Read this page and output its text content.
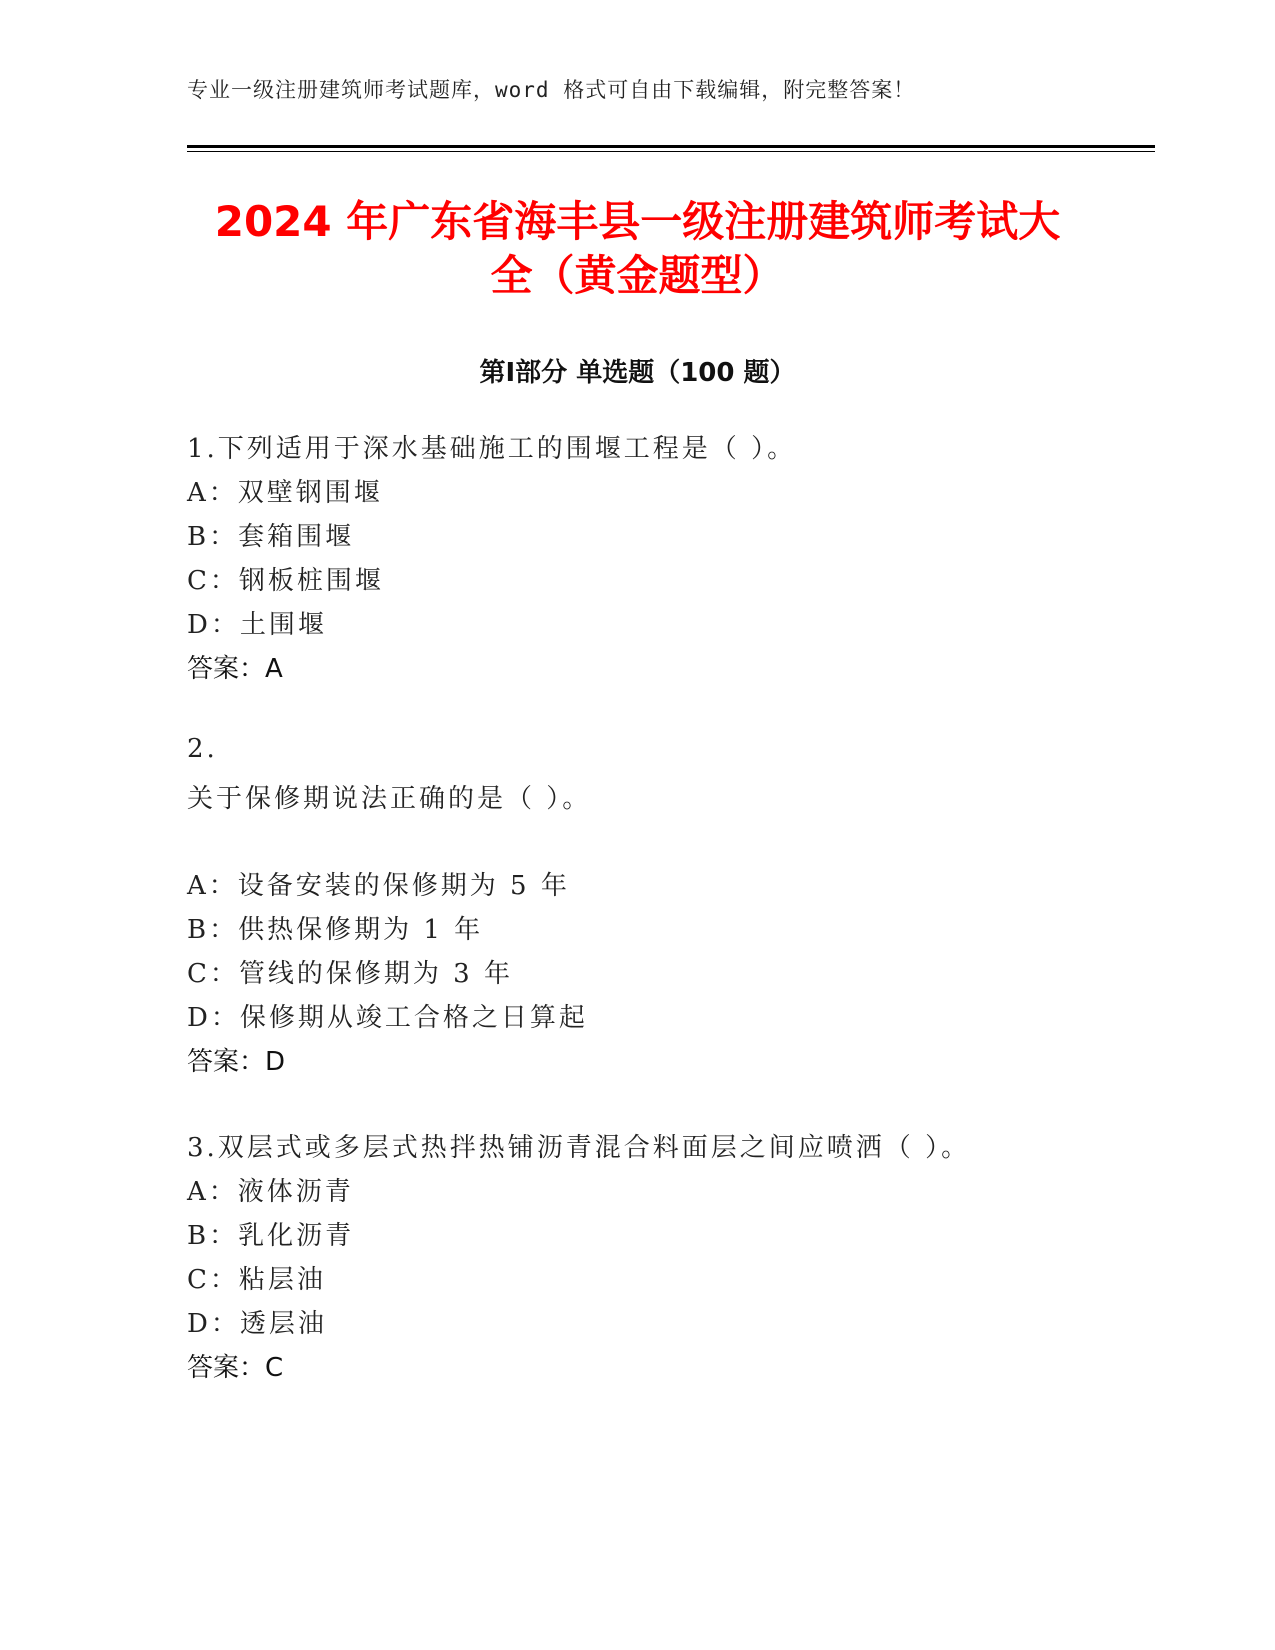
专业一级注册建筑师考试题库，word 格式可自由下载编辑，附完整答案！
2024 年广东省海丰县一级注册建筑师考试大
全（黄金题型）
第Ⅰ部分 单选题（100 题）
1.下列适用于深水基础施工的围堰工程是（ ）。
A：双壁钢围堰
B：套箱围堰
C：钢板桩围堰
D：土围堰
答案：A
2.
关于保修期说法正确的是（ ）。
A：设备安装的保修期为 5 年
B：供热保修期为 1 年
C：管线的保修期为 3 年
D：保修期从竣工合格之日算起
答案：D
3.双层式或多层式热拌热铺沥青混合料面层之间应喷洒（ ）。
A：液体沥青
B：乳化沥青
C：粘层油
D：透层油
答案：C
